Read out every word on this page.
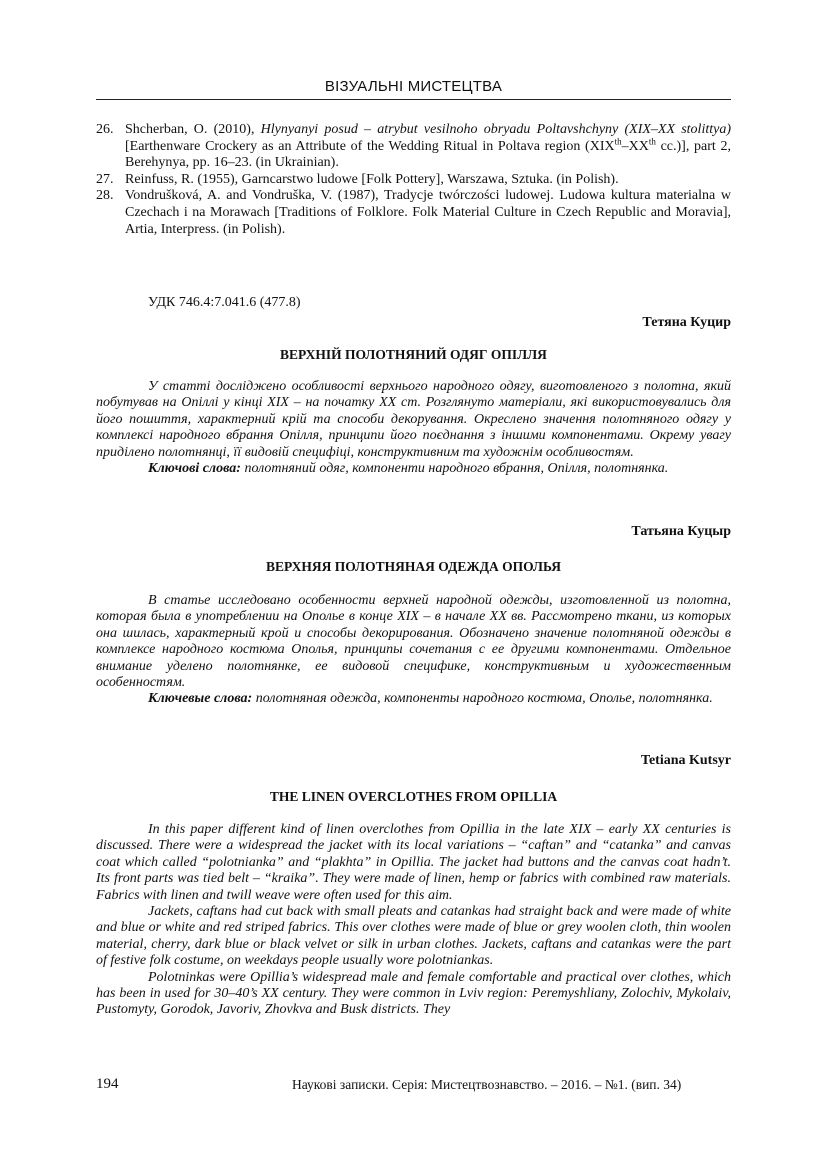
ВІЗУАЛЬНІ МИСТЕЦТВА
26. Shcherban, O. (2010), Hlynyanyi posud – atrybut vesilnoho obryadu Poltavshchyny (XIX–XX stolittya) [Earthenware Crockery as an Attribute of the Wedding Ritual in Poltava region (XIXth–XXth cc.)], part 2, Berehynya, pp. 16–23. (in Ukrainian).
27. Reinfuss, R. (1955), Garncarstwo ludowe [Folk Pottery], Warszawa, Sztuka. (in Polish).
28. Vondrušková, A. and Vondruška, V. (1987), Tradycje twórczości ludowej. Ludowa kultura materialna w Czechach i na Morawach [Traditions of Folklore. Folk Material Culture in Czech Republic and Moravia], Artia, Interpress. (in Polish).
УДК 746.4:7.041.6 (477.8)
Тетяна Куцир
ВЕРХНІЙ ПОЛОТНЯНИЙ ОДЯГ ОПІЛЛЯ

У статті досліджено особливості верхнього народного одягу, виготовленого з полотна, який побутував на Опіллі у кінці ХІХ – на початку ХХ ст. Розглянуто матеріали, які використовувались для його пошиття, характерний крій та способи декорування. Окреслено значення полотняного одягу у комплексі народного вбрання Опілля, принципи його поєднання з іншими компонентами. Окрему увагу приділено полотнянці, її видовій специфіці, конструктивним та художнім особливостям.

Ключові слова: полотняний одяг, компоненти народного вбрання, Опілля, полотнянка.

Татьяна Куцыр
ВЕРХНЯЯ ПОЛОТНЯНАЯ ОДЕЖДА ОПОЛЬЯ

В статье исследовано особенности верхней народной одежды, изготовленной из полотна, которая была в употреблении на Ополье в конце ХІХ – в начале ХХ вв. Рассмотрено ткани, из которых она шилась, характерный крой и способы декорирования. Обозначено значение полотняной одежды в комплексе народного костюма Ополья, принципы сочетания с ее другими компонентами. Отдельное внимание уделено полотнянке, ее видовой специфике, конструктивным и художественным особенностям.

Ключевые слова: полотняная одежда, компоненты народного костюма, Ополье, полотнянка.

Tetiana Kutsyr
THE LINEN OVERCLOTHES FROM OPILLIA

In this paper different kind of linen overclothes from Opillia in the late XIX – early XX centuries is discussed. There were a widespread the jacket with its local variations – “caftan” and “catanka” and canvas coat which called “polotnianka” and “plakhta” in Opillia. The jacket had buttons and the canvas coat hadn’t. Its front parts was tied belt – “kraika”. They were made of linen, hemp or fabrics with combined raw materials. Fabrics with linen and twill weave were often used for this aim.

Jackets, caftans had cut back with small pleats and catankas had straight back and were made of white and blue or white and red striped fabrics. This over clothes were made of blue or grey woolen cloth, thin woolen material, cherry, dark blue or black velvet or silk in urban clothes. Jackets, caftans and catankas were the part of festive folk costume, on weekdays people usually wore polotniankas.

Polotninkas were Opillia’s widespread male and female comfortable and practical over clothes, which has been in used for 30–40’s XX century. They were common in Lviv region: Peremyshliany, Zolochiv, Mykolaiv, Pustomyty, Gorodok, Javoriv, Zhovkva and Busk districts. They

194	Наукові записки. Серія: Мистецтвознавство. – 2016. – №1. (вип. 34)
